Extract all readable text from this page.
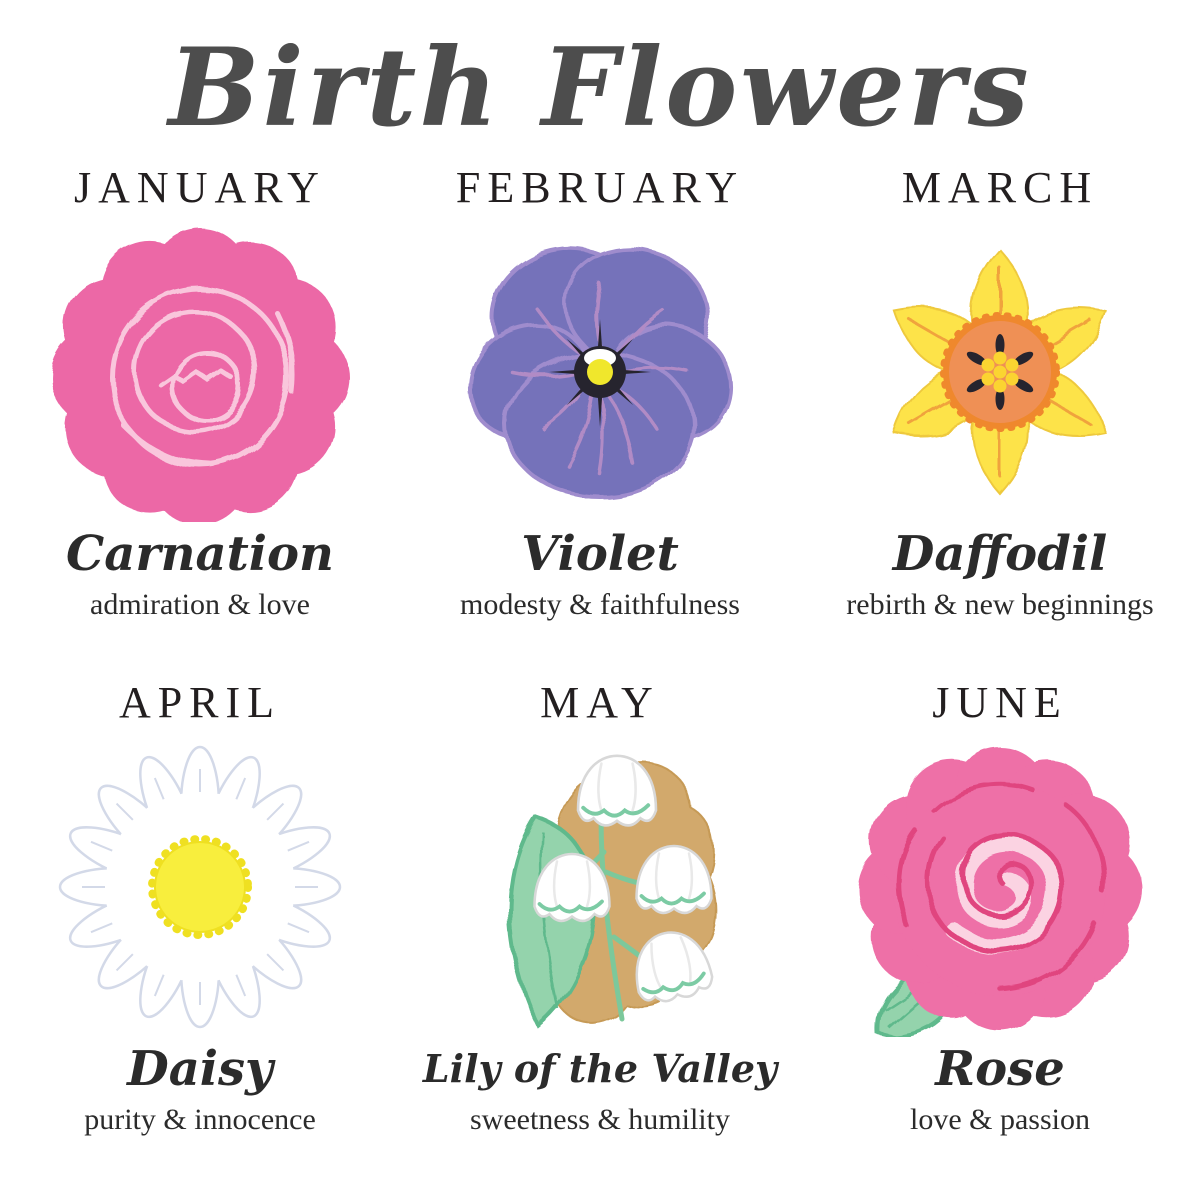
Birth Flowers
JANUARY
Carnation
admiration & love
FEBRUARY
Violet
modesty & faithfulness
MARCH
Daffodil
rebirth & new beginnings
APRIL
Daisy
purity & innocence
MAY
Lily of the Valley
sweetness & humility
JUNE
Rose
love & passion
